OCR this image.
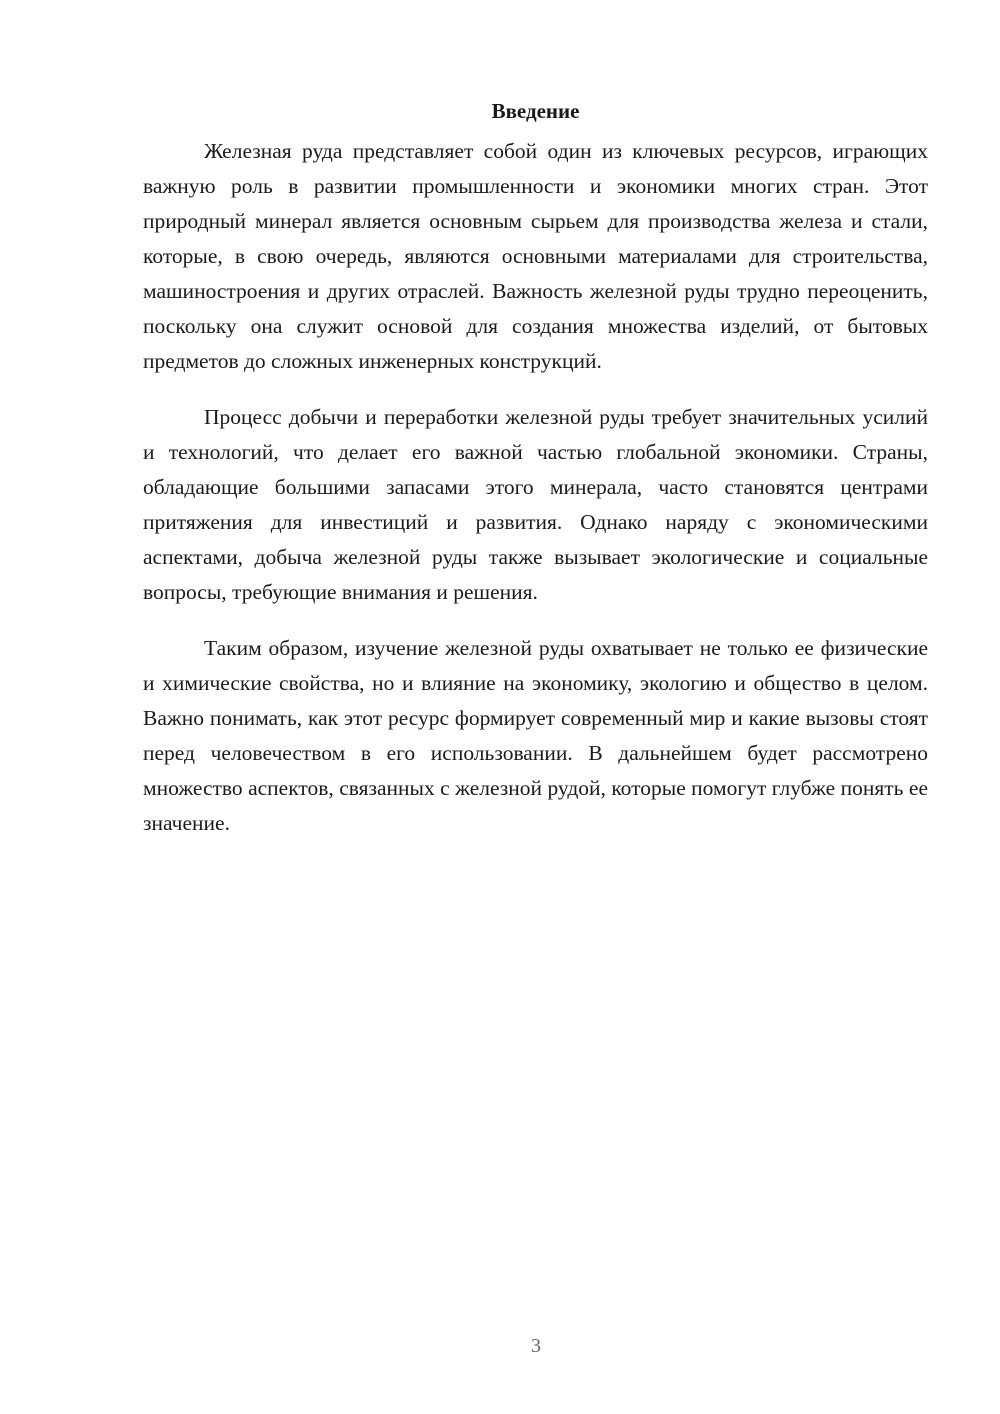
Введение

Железная руда представляет собой один из ключевых ресурсов, играющих важную роль в развитии промышленности и экономики многих стран. Этот природный минерал является основным сырьем для производства железа и стали, которые, в свою очередь, являются основными материалами для строительства, машиностроения и других отраслей. Важность железной руды трудно переоценить, поскольку она служит основой для создания множества изделий, от бытовых предметов до сложных инженерных конструкций.

Процесс добычи и переработки железной руды требует значительных усилий и технологий, что делает его важной частью глобальной экономики. Страны, обладающие большими запасами этого минерала, часто становятся центрами притяжения для инвестиций и развития. Однако наряду с экономическими аспектами, добыча железной руды также вызывает экологические и социальные вопросы, требующие внимания и решения.

Таким образом, изучение железной руды охватывает не только ее физические и химические свойства, но и влияние на экономику, экологию и общество в целом. Важно понимать, как этот ресурс формирует современный мир и какие вызовы стоят перед человечеством в его использовании. В дальнейшем будет рассмотрено множество аспектов, связанных с железной рудой, которые помогут глубже понять ее значение.

3
